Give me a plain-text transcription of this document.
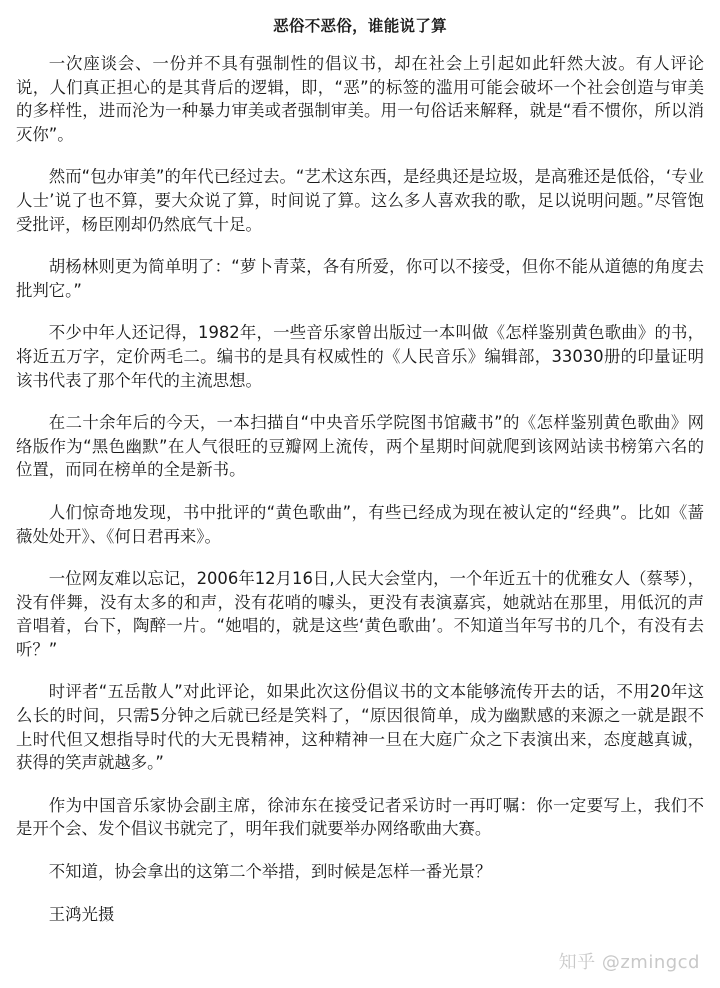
恶俗不恶俗，谁能说了算

一次座谈会、一份并不具有强制性的倡议书，却在社会上引起如此轩然大波。有人评论说，人们真正担心的是其背后的逻辑，即，“恶”的标签的滥用可能会破坏一个社会创造与审美的多样性，进而沦为一种暴力审美或者强制审美。用一句俗话来解释，就是“看不惯你，所以消灭你”。

然而“包办审美”的年代已经过去。“艺术这东西，是经典还是垃圾，是高雅还是低俗，‘专业人士’说了也不算，要大众说了算，时间说了算。这么多人喜欢我的歌，足以说明问题。”尽管饱受批评，杨臣刚却仍然底气十足。

胡杨林则更为简单明了：“萝卜青菜，各有所爱，你可以不接受，但你不能从道德的角度去批判它。”

不少中年人还记得，1982年，一些音乐家曾出版过一本叫做《怎样鉴别黄色歌曲》的书，将近五万字，定价两毛二。编书的是具有权威性的《人民音乐》编辑部，33030册的印量证明该书代表了那个年代的主流思想。

在二十余年后的今天，一本扫描自“中央音乐学院图书馆藏书”的《怎样鉴别黄色歌曲》网络版作为“黑色幽默”在人气很旺的豆瓣网上流传，两个星期时间就爬到该网站读书榜第六名的位置，而同在榜单的全是新书。

人们惊奇地发现，书中批评的“黄色歌曲”，有些已经成为现在被认定的“经典”。比如《蔷薇处处开》、《何日君再来》。

一位网友难以忘记，2006年12月16日,人民大会堂内，一个年近五十的优雅女人（蔡琴），没有伴舞，没有太多的和声，没有花哨的噱头，更没有表演嘉宾，她就站在那里，用低沉的声音唱着，台下，陶醉一片。“她唱的，就是这些‘黄色歌曲’。不知道当年写书的几个，有没有去听？”

时评者“五岳散人”对此评论，如果此次这份倡议书的文本能够流传开去的话，不用20年这么长的时间，只需5分钟之后就已经是笑料了，“原因很简单，成为幽默感的来源之一就是跟不上时代但又想指导时代的大无畏精神，这种精神一旦在大庭广众之下表演出来，态度越真诚，获得的笑声就越多。”

作为中国音乐家协会副主席，徐沛东在接受记者采访时一再叮嘱：你一定要写上，我们不是开个会、发个倡议书就完了，明年我们就要举办网络歌曲大赛。

不知道，协会拿出的这第二个举措，到时候是怎样一番光景？

王鸿光摄

知乎 @zmingcd
